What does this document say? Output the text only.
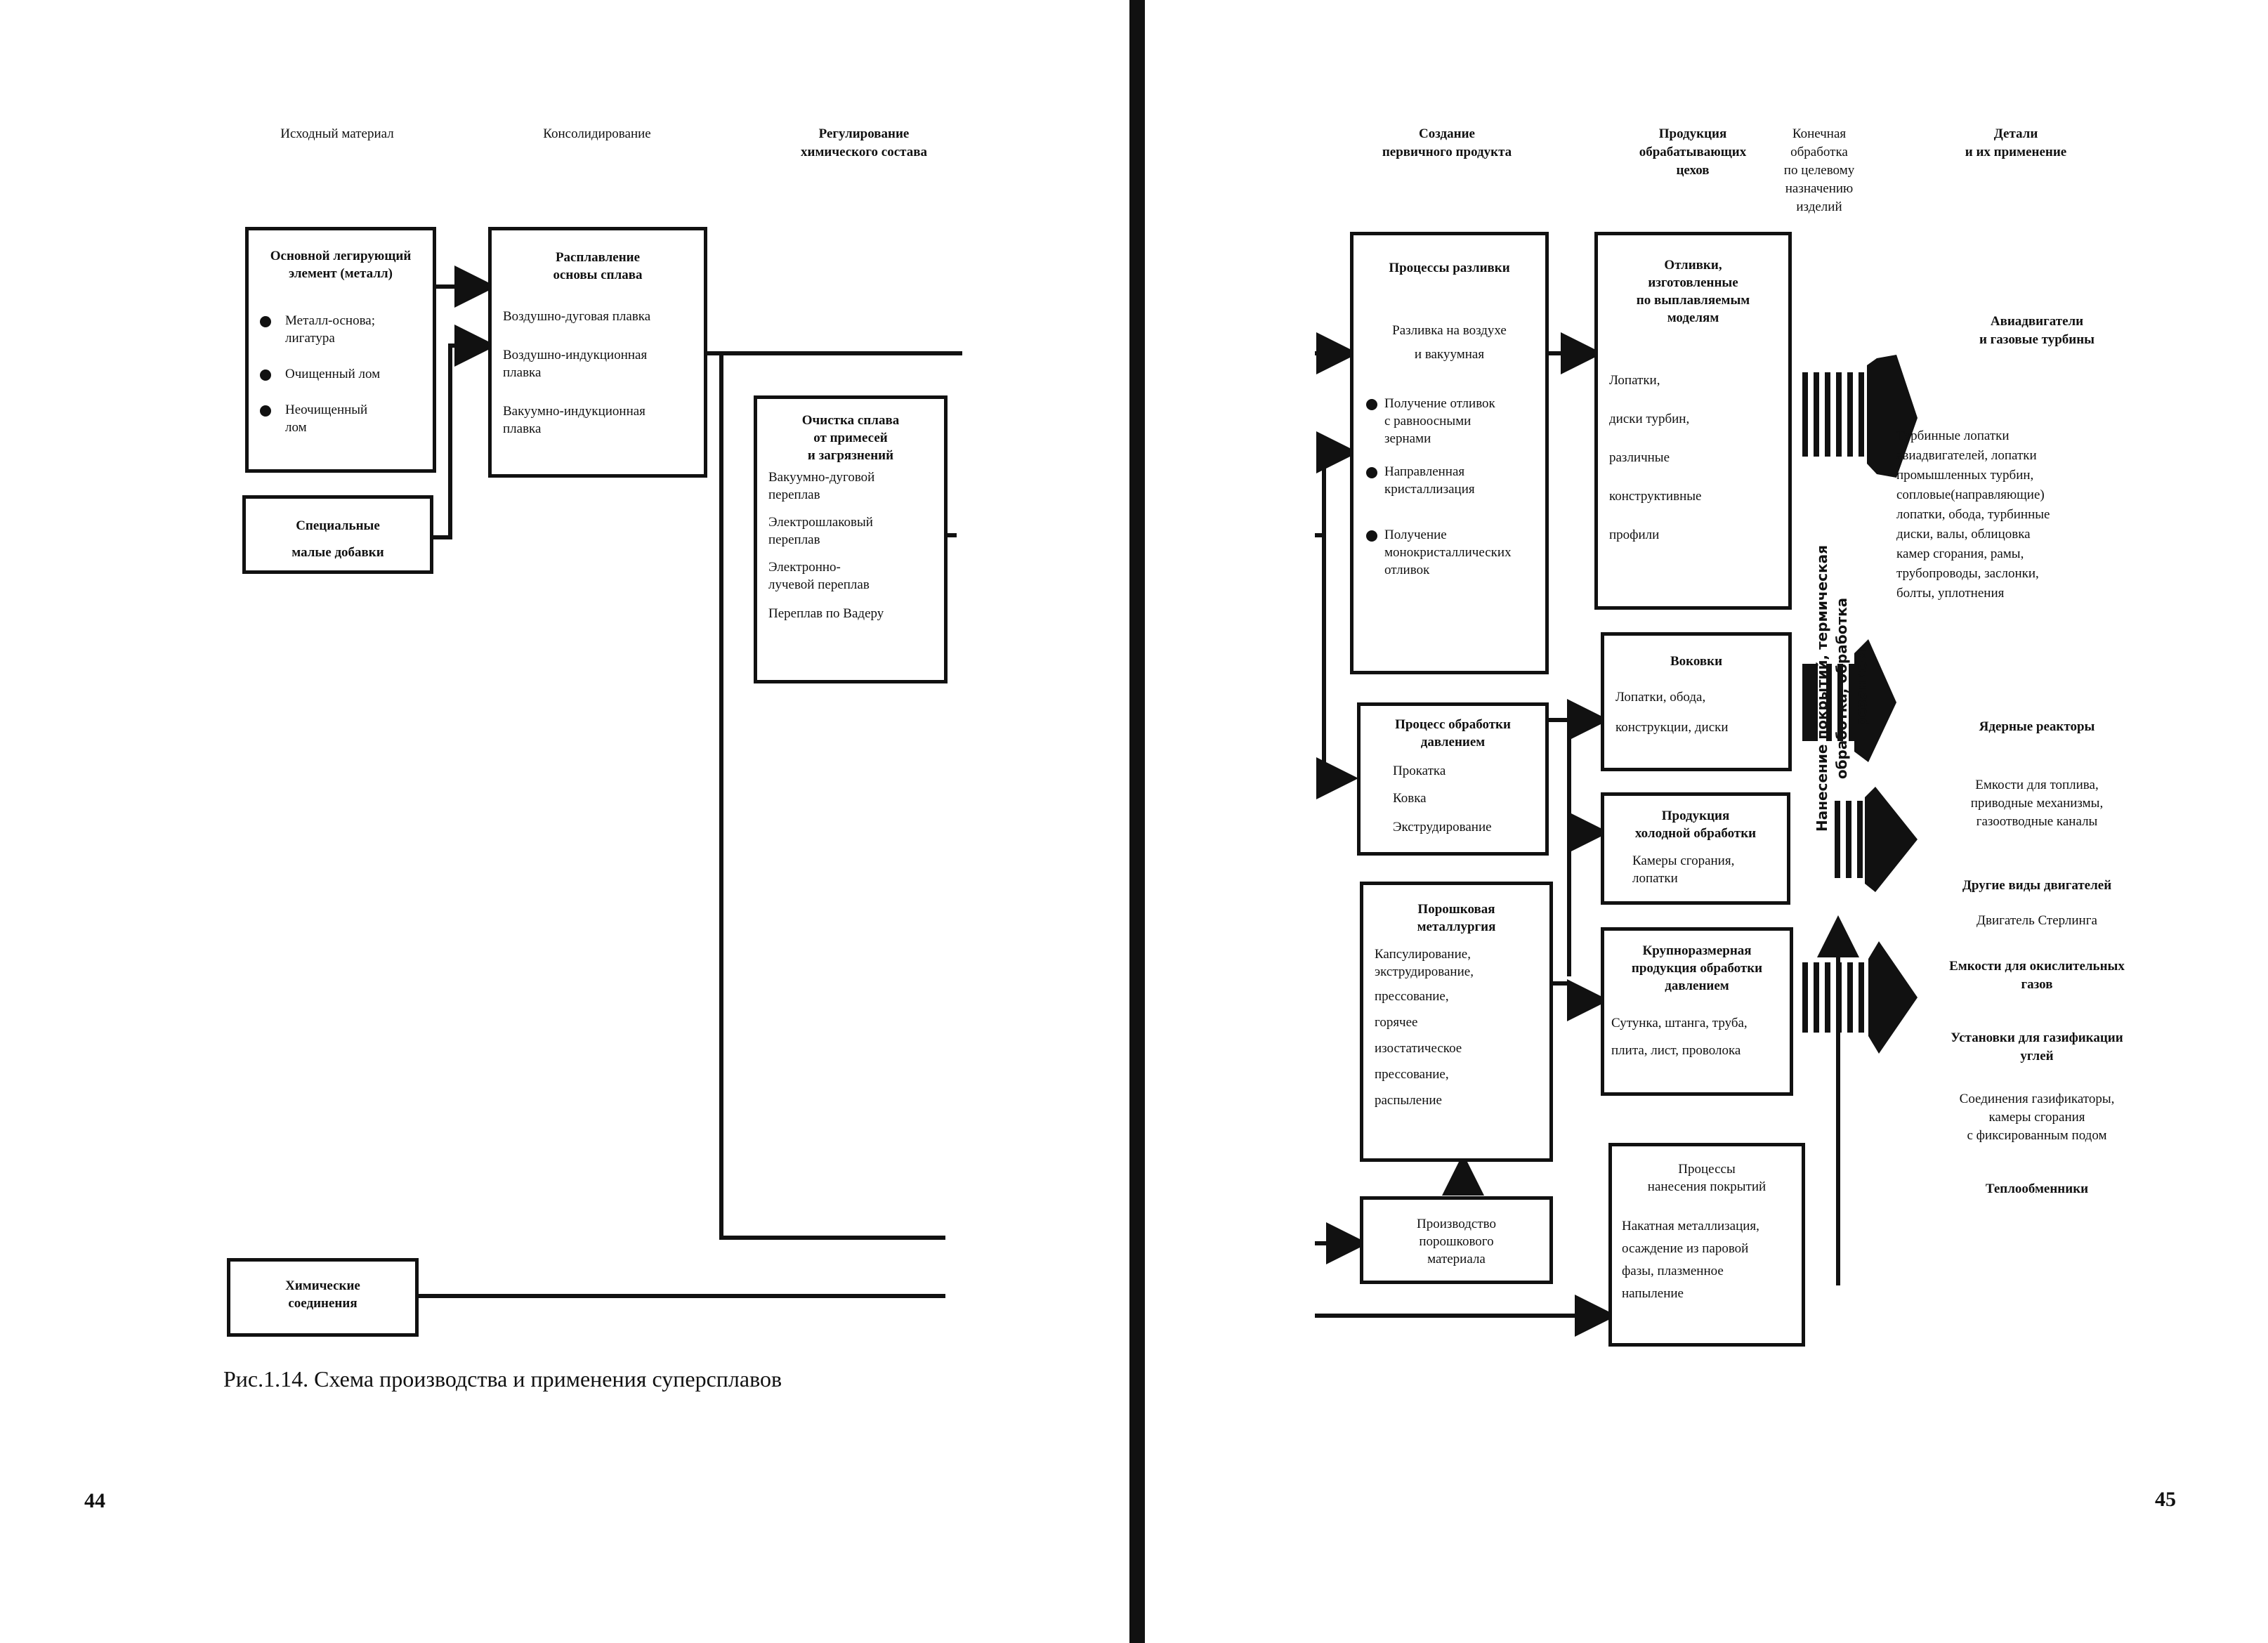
Исходный материал	Консолидирование	Регулирование
химического состава
Основной легирующий
элемент (металл)
Металл-основа;
лигатура
Очищенный лом
Неочищенный
лом
Специальные
малые добавки
Расплавление
основы сплава
Воздушно-дуговая плавка
Воздушно-индукционная
плавка
Вакуумно-индукционная
плавка
Очистка сплава
от примесей
и загрязнений
Вакуумно-дуговой
переплав
Электрошлаковый
переплав
Электронно-
лучевой переплав
Переплав по Вадеру
Химические
соединения
Рис.1.14. Схема производства и применения суперсплавов
44
Создание
первичного продукта
Продукция
обрабатывающих
цехов
Конечная
обработка
по целевому
назначению
изделий
Детали
и их применение
Процессы разливки
Разливка на воздухе
и вакуумная
Получение отливок
с равноосными
зернами
Направленная
кристаллизация
Получение
монокристаллических
отливок
Процесс обработки
давлением
Прокатка
Ковка
Экструдирование
Порошковая
металлургия
Капсулирование,
экструдирование,
прессование,
горячее
изостатическое
прессование,
распыление
Производство
порошкового
материала
Отливки,
изготовленные
по выплавляемым
моделям
Лопатки,
диски турбин,
различные
конструктивные
профили
Воковки
Лопатки, обода,
конструкции, диски
Продукция
холодной обработки
Камеры сгорания,
лопатки
Крупноразмерная
продукция обработки
давлением
Сутунка, штанга, труба,
плита, лист, проволока
Процессы
нанесения покрытий
Накатная металлизация,
осаждение из паровой
фазы, плазменное
напыление
Нанесение покрытий, термическая обработка, обработка
резанием
Авиадвигатели
и газовые турбины
Турбинные лопатки
авиадвигателей, лопатки
промышленных турбин,
сопловые(направляющие)
лопатки, обода, турбинные
диски, валы, облицовка
камер сгорания, рамы,
трубопроводы, заслонки,
болты, уплотнения
Ядерные реакторы
Емкости для топлива,
приводные механизмы,
газоотводные каналы
Другие виды двигателей
Двигатель Стерлинга
Емкости для окислительных
газов
Установки для газификации
углей
Соединения газификаторы,
камеры сгорания
с фиксированным подом
Теплообменники
45
